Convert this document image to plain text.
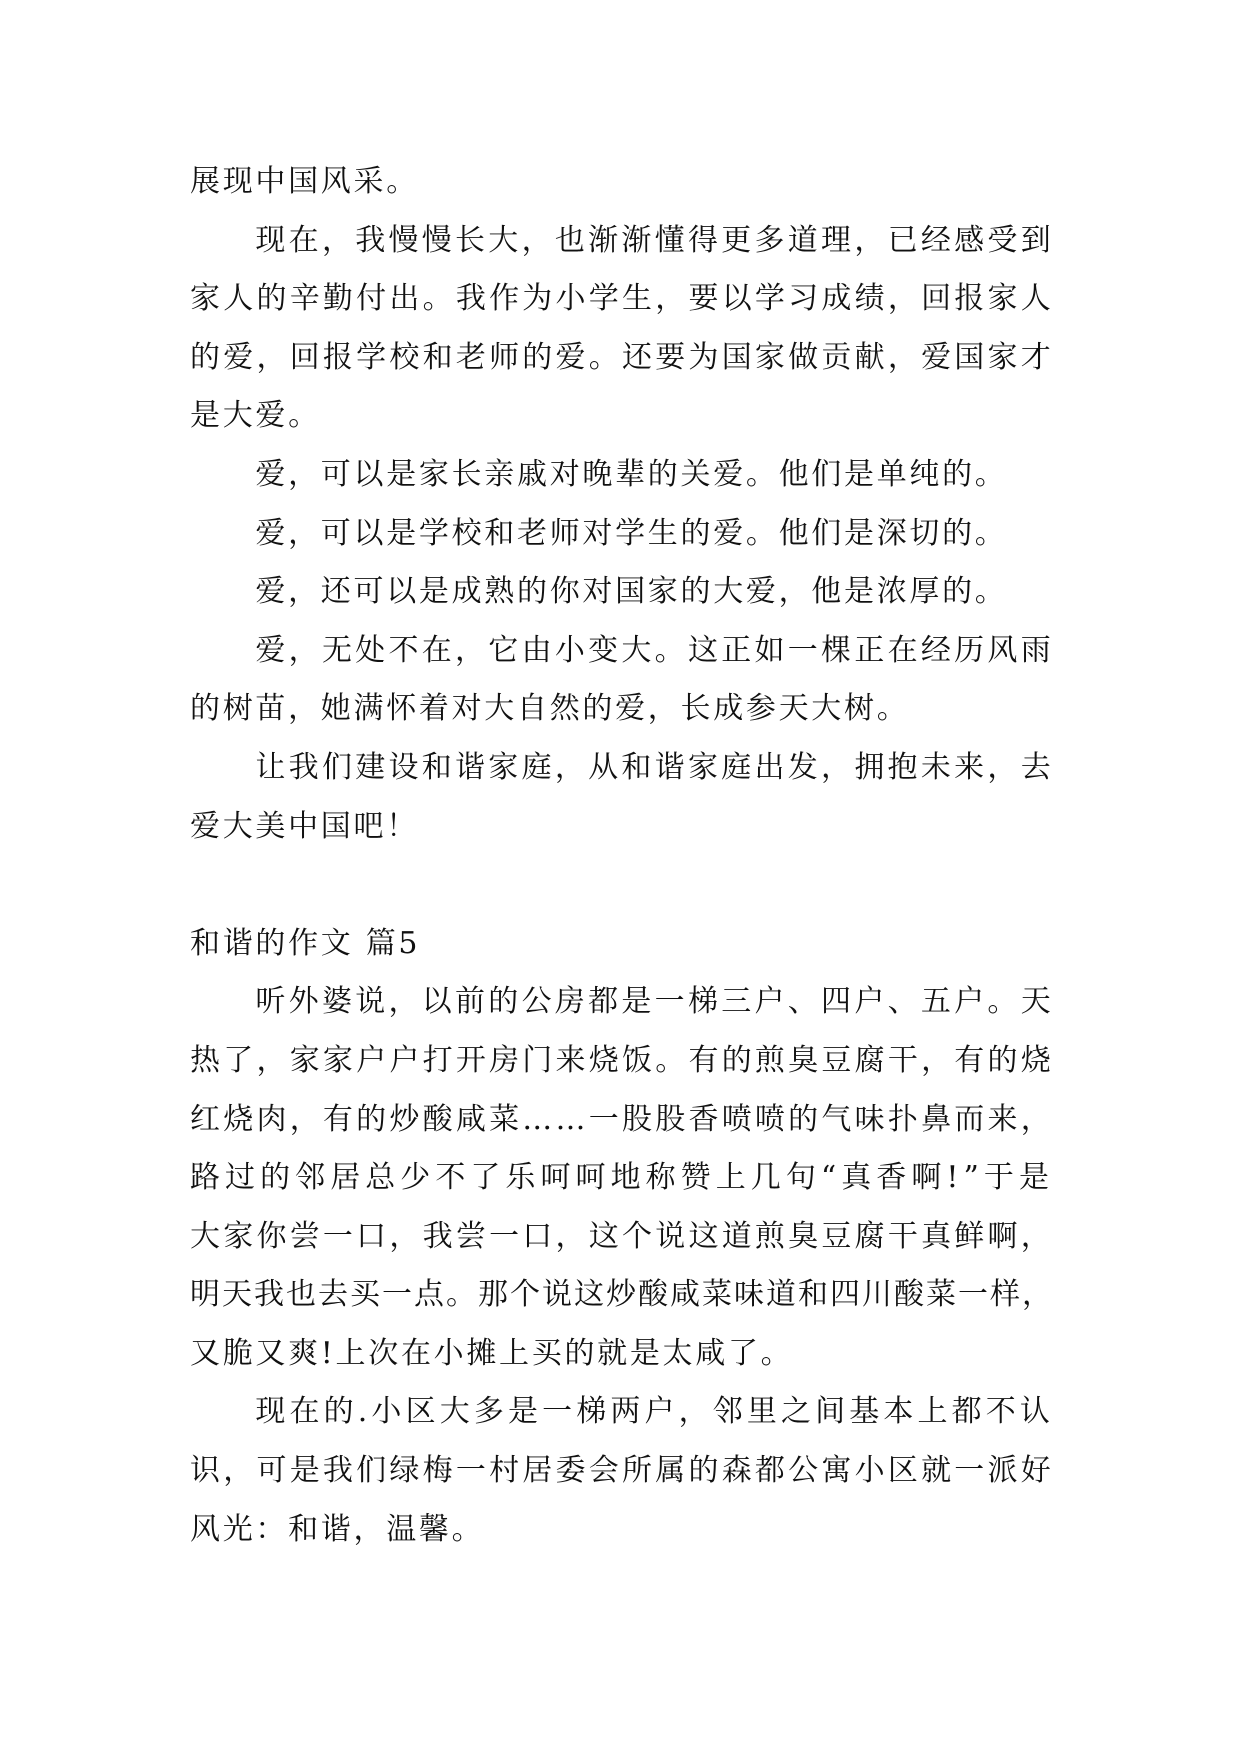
展现中国风采。
现在，我慢慢长大，也渐渐懂得更多道理，已经感受到
家人的辛勤付出。我作为小学生，要以学习成绩，回报家人
的爱，回报学校和老师的爱。还要为国家做贡献，爱国家才
是大爱。
爱，可以是家长亲戚对晚辈的关爱。他们是单纯的。
爱，可以是学校和老师对学生的爱。他们是深切的。
爱，还可以是成熟的你对国家的大爱，他是浓厚的。
爱，无处不在，它由小变大。这正如一棵正在经历风雨
的树苗，她满怀着对大自然的爱，长成参天大树。
让我们建设和谐家庭，从和谐家庭出发，拥抱未来，去
爱大美中国吧！
和谐的作文 篇5
听外婆说，以前的公房都是一梯三户、四户、五户。天
热了，家家户户打开房门来烧饭。有的煎臭豆腐干，有的烧
红烧肉，有的炒酸咸菜……一股股香喷喷的气味扑鼻而来，
路过的邻居总少不了乐呵呵地称赞上几句“真香啊!”于是
大家你尝一口，我尝一口，这个说这道煎臭豆腐干真鲜啊，
明天我也去买一点。那个说这炒酸咸菜味道和四川酸菜一样，
又脆又爽!上次在小摊上买的就是太咸了。
现在的.小区大多是一梯两户，邻里之间基本上都不认
识，可是我们绿梅一村居委会所属的森都公寓小区就一派好
风光：和谐，温馨。
